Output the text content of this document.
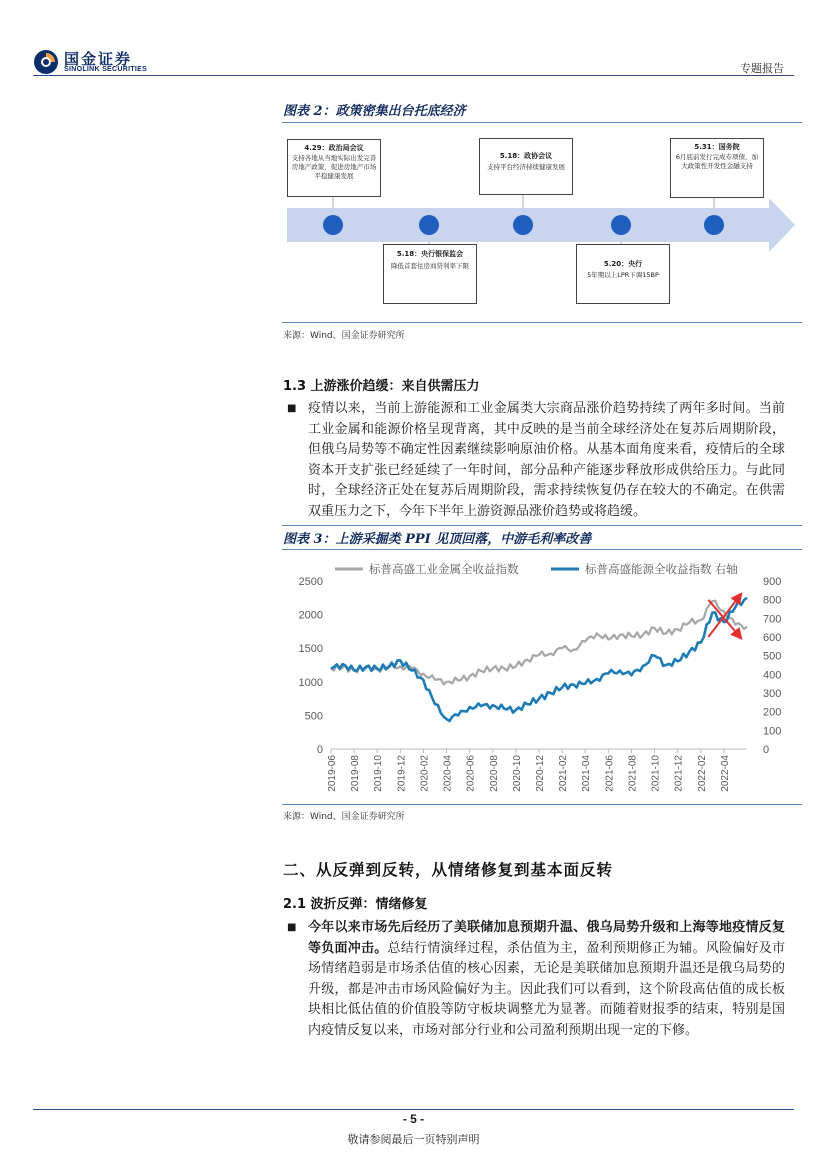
国金证券
SINOLINK SECURITIES	专题报告
图表 2：政策密集出台托底经济
4.29：政治局会议
支持各地从当地实际出发完善房地产政策，促进房地产市场平稳健康发展
5.18：央行银保监会
降低首套住房商贷利率下限
5.18：政协会议
支持平台经济持续健康发展
5.20：央行
5年期以上LPR下调15BP
5.31：国务院
6月底前发行完成专项债，加大政策性开发性金融支持
来源：Wind、国金证券研究所
1.3 上游涨价趋缓：来自供需压力
■ 疫情以来，当前上游能源和工业金属类大宗商品涨价趋势持续了两年多时间。当前工业金属和能源价格呈现背离，其中反映的是当前全球经济处在复苏后周期阶段，但俄乌局势等不确定性因素继续影响原油价格。从基本面角度来看，疫情后的全球资本开支扩张已经延续了一年时间，部分品种产能逐步释放形成供给压力。与此同时，全球经济正处在复苏后周期阶段，需求持续恢复仍存在较大的不确定。在供需双重压力之下，今年下半年上游资源品涨价趋势或将趋缓。
图表 3：上游采掘类 PPI 见顶回落，中游毛利率改善
标普高盛工业金属全收益指数	标普高盛能源全收益指数 右轴
0
500
1000
1500
2000
2500
0
100
200
300
400
500
600
700
800
900
2019-06 2019-08 2019-10 2019-12 2020-02 2020-04 2020-06 2020-08 2020-10 2020-12 2021-02 2021-04 2021-06 2021-08 2021-10 2021-12 2022-02 2022-04
来源：Wind、国金证券研究所
二、从反弹到反转，从情绪修复到基本面反转
2.1 波折反弹：情绪修复
■ 今年以来市场先后经历了美联储加息预期升温、俄乌局势升级和上海等地疫情反复等负面冲击。总结行情演绎过程，杀估值为主，盈利预期修正为辅。风险偏好及市场情绪趋弱是市场杀估值的核心因素，无论是美联储加息预期升温还是俄乌局势的升级，都是冲击市场风险偏好为主。因此我们可以看到，这个阶段高估值的成长板块相比低估值的价值股等防守板块调整尤为显著。而随着财报季的结束，特别是国内疫情反复以来，市场对部分行业和公司盈利预期出现一定的下修。
- 5 -
敬请参阅最后一页特别声明
